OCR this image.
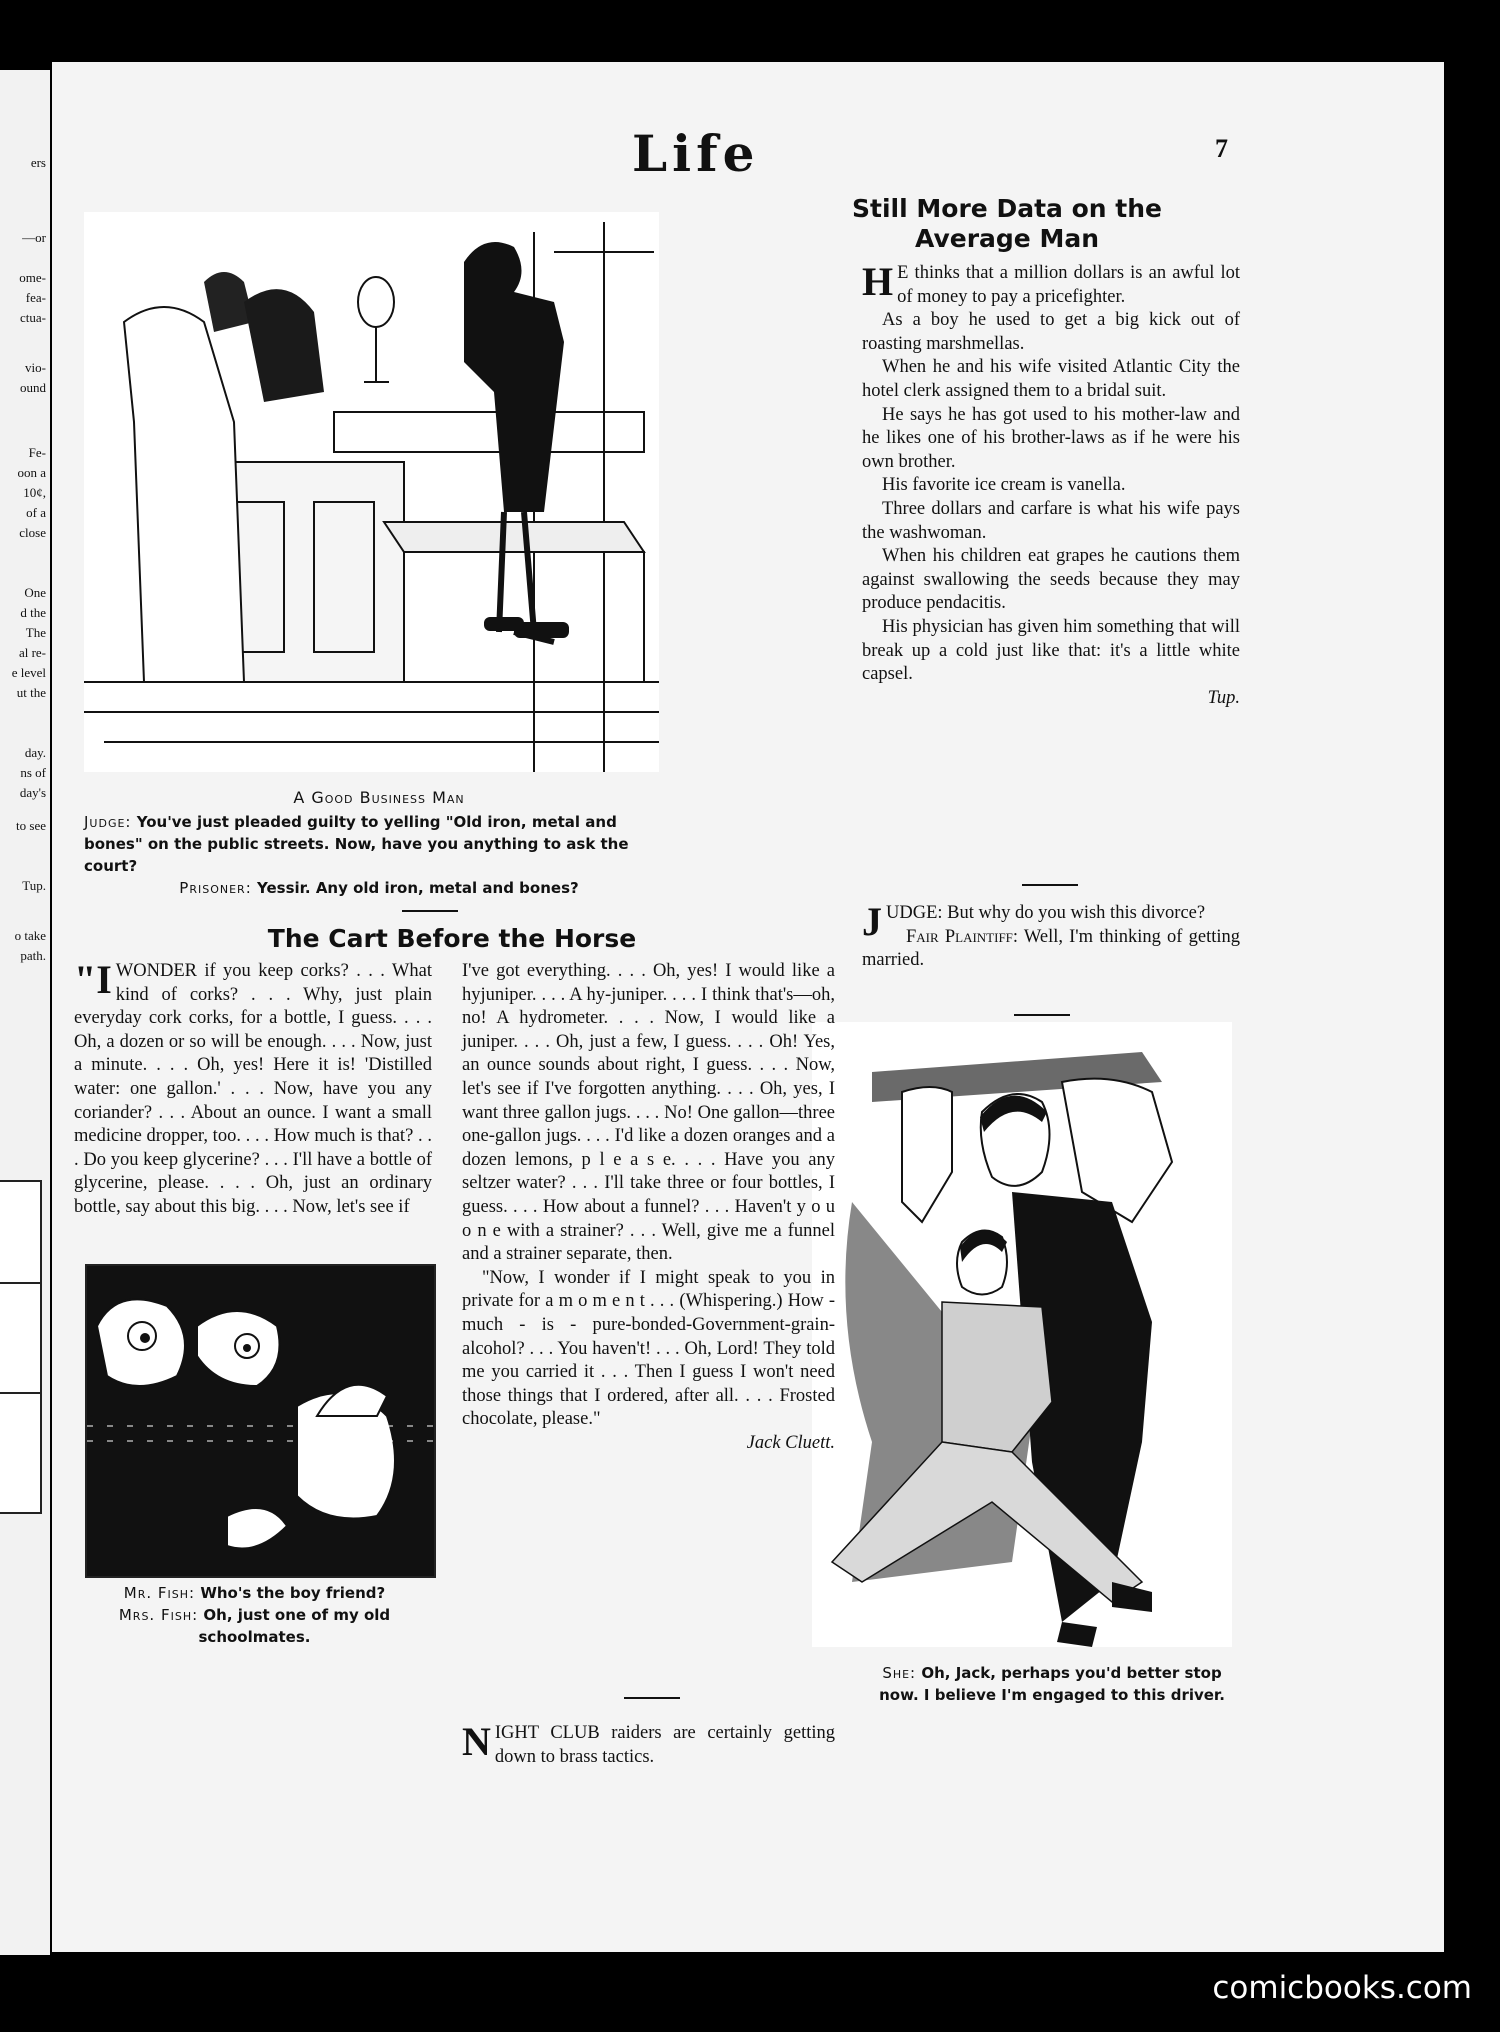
ers
—or
ome-
fea-
ctua-
vio-
ound
Fe-
oon a
10¢,
of a
close
One
d the
The
al re-
e level
ut the
day.
ns of
day's
to see
Tup.
o take
path.
Life	7

A Good Business Man

Judge: You've just pleaded guilty to yelling "Old iron, metal and bones" on the public streets. Now, have you anything to ask the court?

Prisoner: Yessir. Any old iron, metal and bones?

Still More Data on the Average Man

H E thinks that a million dollars is an awful lot of money to pay a pricefighter.

As a boy he used to get a big kick out of roasting marshmellas.

When he and his wife visited Atlantic City the hotel clerk assigned them to a bridal suit.

He says he has got used to his mother-law and he likes one of his brother-laws as if he were his own brother.

His favorite ice cream is vanella.

Three dollars and carfare is what his wife pays the washwoman.

When his children eat grapes he cautions them against swallowing the seeds because they may produce pendacitis.

His physician has given him something that will break up a cold just like that: it's a little white capsel.

Tup.

JUDGE: But why do you wish this divorce?

Fair Plaintiff: Well, I'm thinking of getting married.

She: Oh, Jack, perhaps you'd better stop now. I believe I'm engaged to this driver.

The Cart Before the Horse

"IWONDER if you keep corks? . . . What kind of corks? . . . Why, just plain everyday cork corks, for a bottle, I guess. . . . Oh, a dozen or so will be enough. . . . Now, just a minute. . . . Oh, yes! Here it is! 'Distilled water: one gallon.' . . . Now, have you any coriander? . . . About an ounce. I want a small medicine dropper, too. . . . How much is that? . . . Do you keep glycerine? . . . I'll have a bottle of glycerine, please. . . . Oh, just an ordinary bottle, say about this big. . . . Now, let's see if

I've got everything. . . . Oh, yes! I would like a hyjuniper. . . . A hy-juniper. . . . I think that's—oh, no! A hydrometer. . . . Now, I would like a juniper. . . . Oh, just a few, I guess. . . . Oh! Yes, an ounce sounds about right, I guess. . . . Now, let's see if I've forgotten anything. . . . Oh, yes, I want three gallon jugs. . . . No! One gallon—three one-gallon jugs. . . . I'd like a dozen oranges and a dozen lemons, p l e a s e. . . . Have you any seltzer water? . . . I'll take three or four bottles, I guess. . . . How about a funnel? . . . Haven't y o u o n e with a strainer? . . . Well, give me a funnel and a strainer separate, then.

"Now, I wonder if I might speak to you in private for a m o m e n t . . . (Whispering.) How - much - is - pure-bonded-Government-grain-alcohol? . . . You haven't! . . . Oh, Lord! They told me you carried it . . . Then I guess I won't need those things that I ordered, after all. . . . Frosted chocolate, please."

Jack Cluett.

Mr. Fish: Who's the boy friend?

Mrs. Fish: Oh, just one of my old schoolmates.

NIGHT CLUB raiders are certainly getting down to brass tactics.

comicbooks.com
